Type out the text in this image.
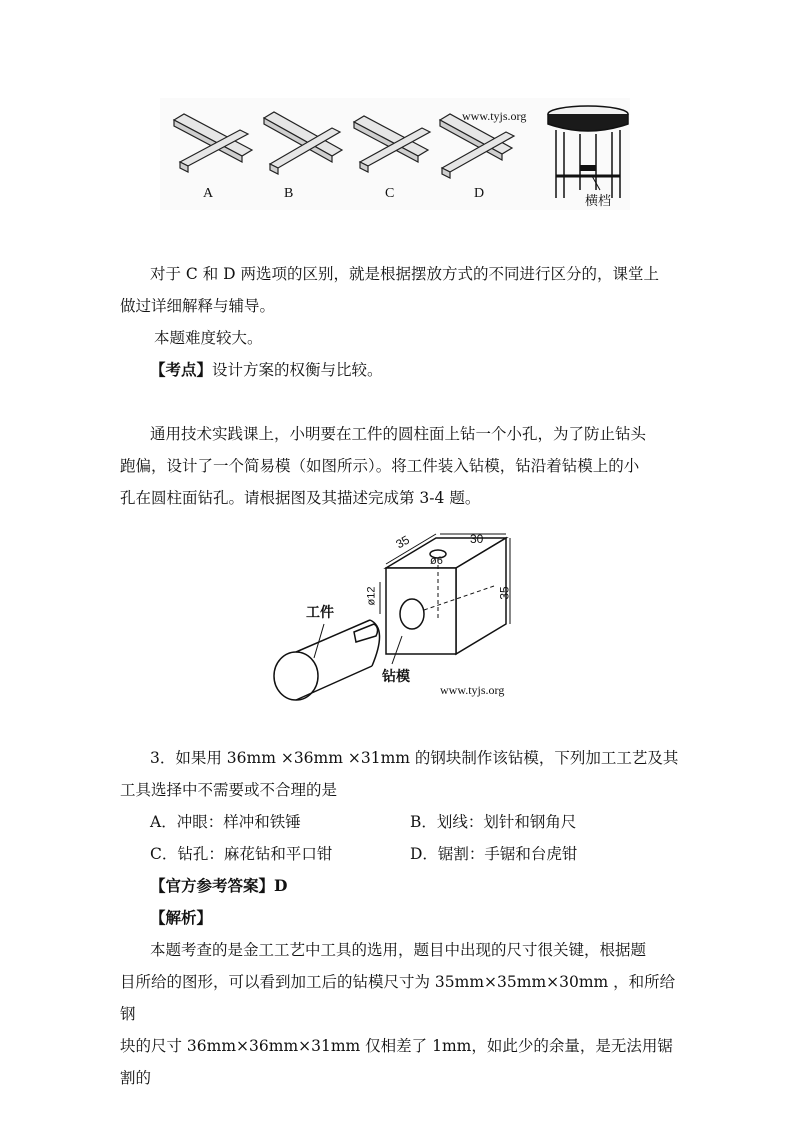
A	B	C	D
www.tyjs.org
横档
对于 C 和 D 两选项的区别，就是根据摆放方式的不同进行区分的，课堂上
做过详细解释与辅导。
本题难度较大。
【考点】设计方案的权衡与比较。
通用技术实践课上，小明要在工件的圆柱面上钻一个小孔，为了防止钻头
跑偏，设计了一个简易模（如图所示）。将工件装入钻模，钻沿着钻模上的小
孔在圆柱面钻孔。请根据图及其描述完成第 3-4 题。
35	30
35
ø6
ø12
工件
钻模
www.tyjs.org
3．如果用 36mm ×36mm ×31mm 的钢块制作该钻模，下列加工工艺及其
工具选择中不需要或不合理的是
A．冲眼：样冲和铁锤	B．划线：划针和钢角尺
C．钻孔：麻花钻和平口钳	D．锯割：手锯和台虎钳
【官方参考答案】D
【解析】
本题考查的是金工工艺中工具的选用，题目中出现的尺寸很关键，根据题
目所给的图形，可以看到加工后的钻模尺寸为 35mm×35mm×30mm ，和所给钢
块的尺寸 36mm×36mm×31mm 仅相差了 1mm，如此少的余量，是无法用锯割的
